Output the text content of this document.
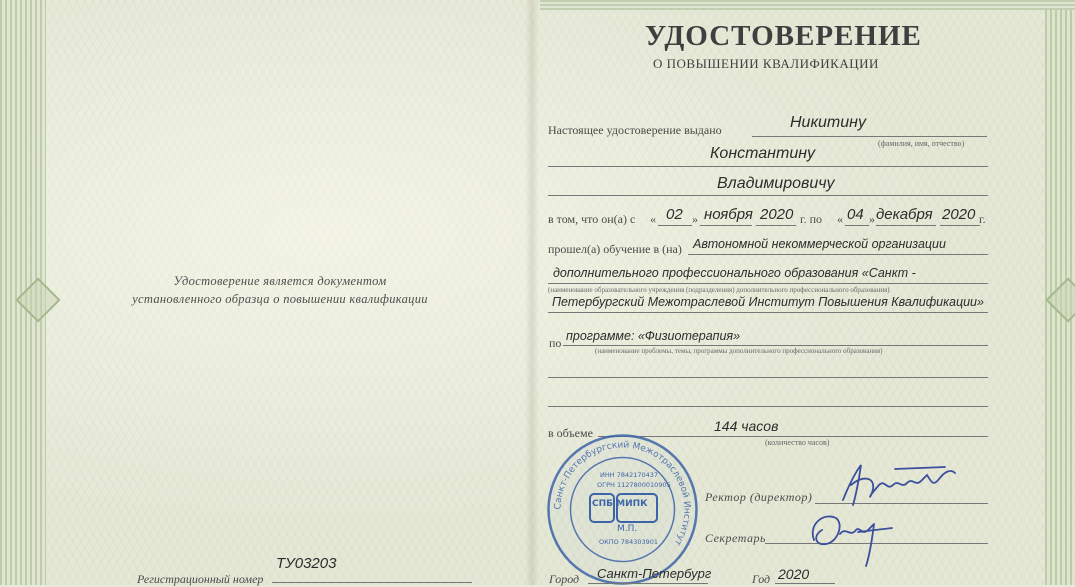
УДОСТОВЕРЕНИЕ
О ПОВЫШЕНИИ КВАЛИФИКАЦИИ
Удостоверение является документом
установленного образца о повышении квалификации
Регистрационный номер
ТУ03203
Настоящее удостоверение выдано	Никитину
(фамилия, имя, отчество)
Константину
Владимировичу
в том, что он(а) с « 02 » ноября 2020 г. по « 04 » декабря 2020 г.
прошел(а) обучение в (на) Автономной некоммерческой организации
дополнительного профессионального образования «Санкт -
(наименование образовательного учреждения (подразделения) дополнительного профессионального образования)
Петербургский Межотраслевой Институт Повышения Квалификации»
по программе: «Физиотерапия»
(наименование проблемы, темы, программы дополнительного профессионального образования)
в объеме	144 часов
(количество часов)
Санкт-Петербургский Межотраслевой Институт
ИНН 7842170437
ОГРН 1127800010905
СПБ МИПК
М.П.
ОКПО 784303901
Ректор (директор)
Секретарь
Город Санкт-Петербург	Год 2020
